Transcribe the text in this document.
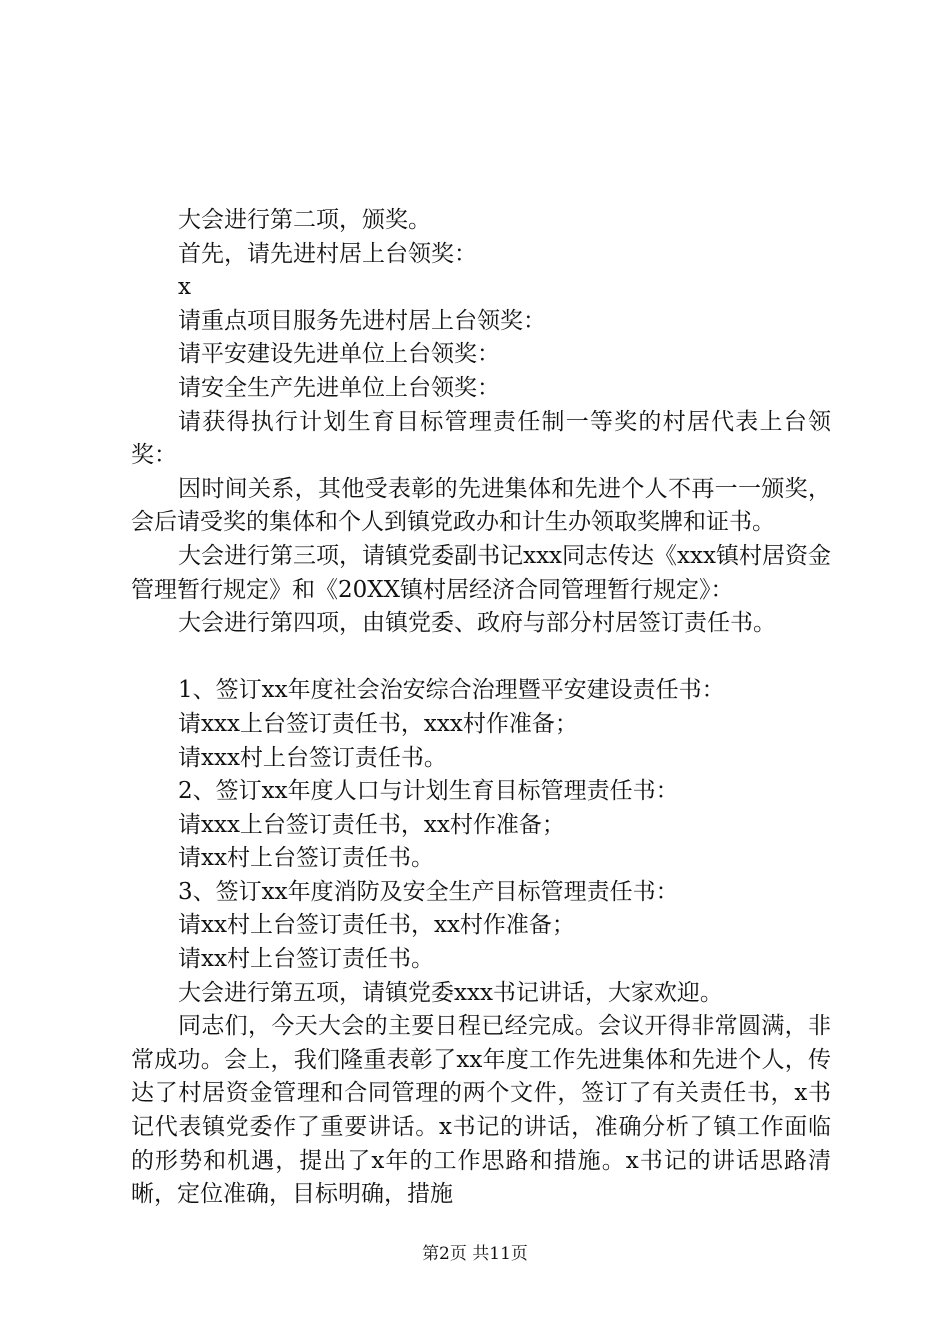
大会进行第二项，颁奖。

首先，请先进村居上台领奖：

x

请重点项目服务先进村居上台领奖：

请平安建设先进单位上台领奖：

请安全生产先进单位上台领奖：

请获得执行计划生育目标管理责任制一等奖的村居代表上台领奖：

因时间关系，其他受表彰的先进集体和先进个人不再一一颁奖，会后请受奖的集体和个人到镇党政办和计生办领取奖牌和证书。

大会进行第三项，请镇党委副书记xxx同志传达《xxx镇村居资金管理暂行规定》和《20XX镇村居经济合同管理暂行规定》：

大会进行第四项，由镇党委、政府与部分村居签订责任书。

1、签订xx年度社会治安综合治理暨平安建设责任书：

请xxx上台签订责任书，xxx村作准备；

请xxx村上台签订责任书。

2、签订xx年度人口与计划生育目标管理责任书：

请xxx上台签订责任书，xx村作准备；

请xx村上台签订责任书。

3、签订xx年度消防及安全生产目标管理责任书：

请xx村上台签订责任书，xx村作准备；

请xx村上台签订责任书。

大会进行第五项，请镇党委xxx书记讲话，大家欢迎。

同志们，今天大会的主要日程已经完成。会议开得非常圆满，非常成功。会上，我们隆重表彰了xx年度工作先进集体和先进个人，传达了村居资金管理和合同管理的两个文件，签订了有关责任书，x书记代表镇党委作了重要讲话。x书记的讲话，准确分析了镇工作面临的形势和机遇，提出了x年的工作思路和措施。x书记的讲话思路清晰，定位准确，目标明确，措施

第2页 共11页
